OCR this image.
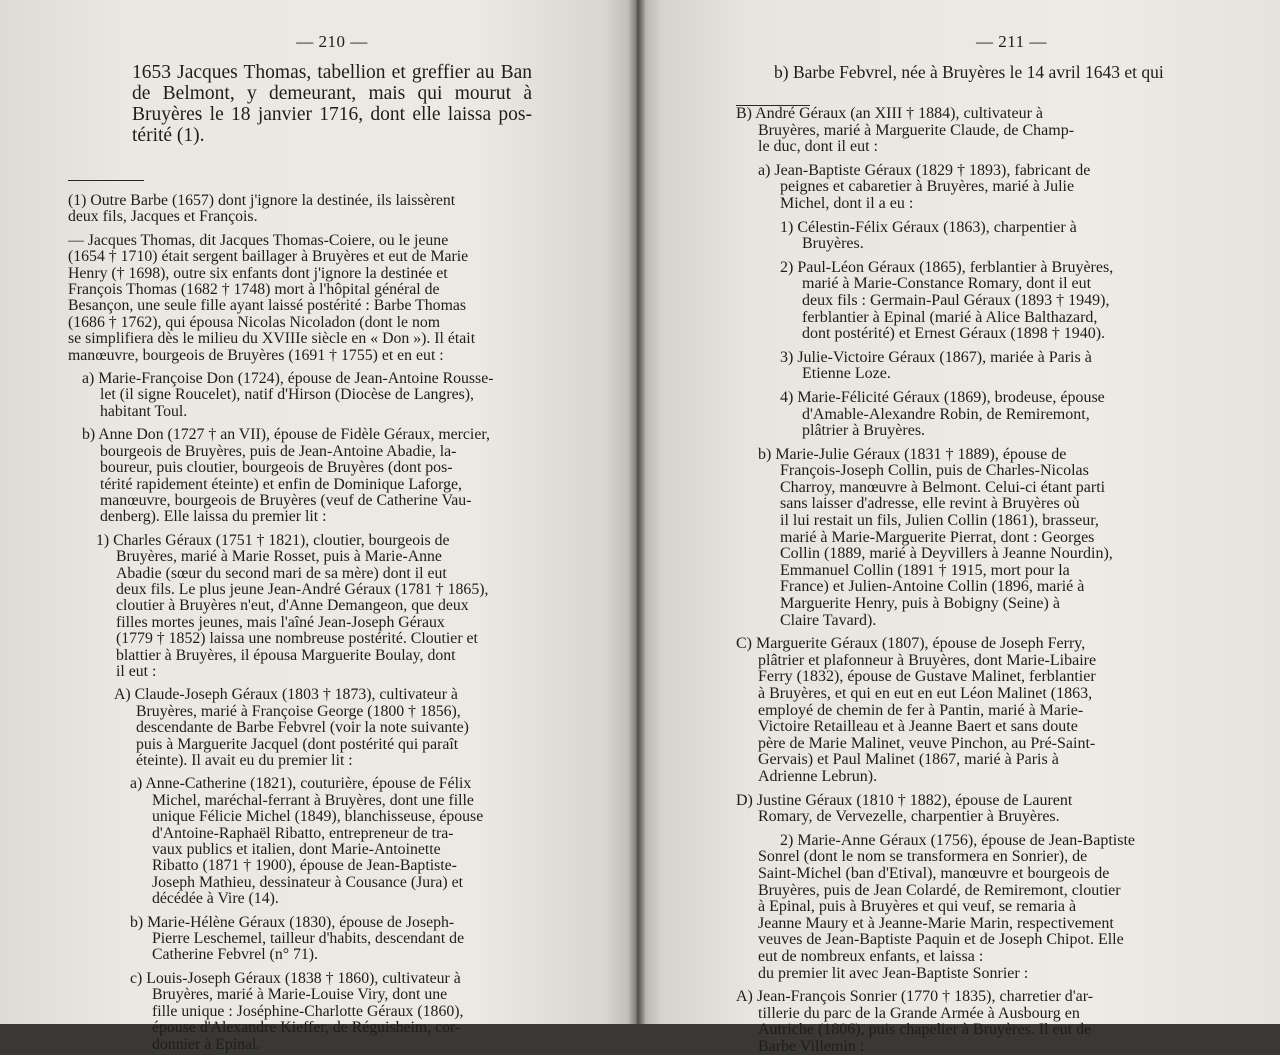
— 210 —
1653 Jacques Thomas, tabellion et greffier au Ban
de Belmont, y demeurant, mais qui mourut à
Bruyères le 18 janvier 1716, dont elle laissa pos-
térité (1).
(1) Outre Barbe (1657) dont j'ignore la destinée, ils laissèrent
deux fils, Jacques et François.
— Jacques Thomas, dit Jacques Thomas-Coiere, ou le jeune
(1654 † 1710) était sergent baillager à Bruyères et eut de Marie
Henry († 1698), outre six enfants dont j'ignore la destinée et
François Thomas (1682 † 1748) mort à l'hôpital général de
Besançon, une seule fille ayant laissé postérité : Barbe Thomas
(1686 † 1762), qui épousa Nicolas Nicoladon (dont le nom
se simplifiera dès le milieu du XVIIIe siècle en « Don »). Il était
manœuvre, bourgeois de Bruyères (1691 † 1755) et en eut :
a) Marie-Françoise Don (1724), épouse de Jean-Antoine Rousse-
let (il signe Roucelet), natif d'Hirson (Diocèse de Langres),
habitant Toul.
b) Anne Don (1727 † an VII), épouse de Fidèle Géraux, mercier,
bourgeois de Bruyères, puis de Jean-Antoine Abadie, la-
boureur, puis cloutier, bourgeois de Bruyères (dont pos-
térité rapidement éteinte) et enfin de Dominique Laforge,
manœuvre, bourgeois de Bruyères (veuf de Catherine Vau-
denberg). Elle laissa du premier lit :
1) Charles Géraux (1751 † 1821), cloutier, bourgeois de
Bruyères, marié à Marie Rosset, puis à Marie-Anne
Abadie (sœur du second mari de sa mère) dont il eut
deux fils. Le plus jeune Jean-André Géraux (1781 † 1865),
cloutier à Bruyères n'eut, d'Anne Demangeon, que deux
filles mortes jeunes, mais l'aîné Jean-Joseph Géraux
(1779 † 1852) laissa une nombreuse postérité. Cloutier et
blattier à Bruyères, il épousa Marguerite Boulay, dont
il eut :
A) Claude-Joseph Géraux (1803 † 1873), cultivateur à
Bruyères, marié à Françoise George (1800 † 1856),
descendante de Barbe Febvrel (voir la note suivante)
puis à Marguerite Jacquel (dont postérité qui paraît
éteinte). Il avait eu du premier lit :
a) Anne-Catherine (1821), couturière, épouse de Félix
Michel, maréchal-ferrant à Bruyères, dont une fille
unique Félicie Michel (1849), blanchisseuse, épouse
d'Antoine-Raphaël Ribatto, entrepreneur de tra-
vaux publics et italien, dont Marie-Antoinette
Ribatto (1871 † 1900), épouse de Jean-Baptiste-
Joseph Mathieu, dessinateur à Cousance (Jura) et
décédée à Vire (14).
b) Marie-Hélène Géraux (1830), épouse de Joseph-
Pierre Leschemel, tailleur d'habits, descendant de
Catherine Febvrel (n° 71).
c) Louis-Joseph Géraux (1838 † 1860), cultivateur à
Bruyères, marié à Marie-Louise Viry, dont une
fille unique : Joséphine-Charlotte Géraux (1860),
épouse d'Alexandre Kieffer, de Réguisheim, cor-
donnier à Epinal.
— 211 —
b) Barbe Febvrel, née à Bruyères le 14 avril 1643 et qui
B) André Géraux (an XIII † 1884), cultivateur à
Bruyères, marié à Marguerite Claude, de Champ-
le duc, dont il eut :
a) Jean-Baptiste Géraux (1829 † 1893), fabricant de
peignes et cabaretier à Bruyères, marié à Julie
Michel, dont il a eu :
1) Célestin-Félix Géraux (1863), charpentier à
Bruyères.
2) Paul-Léon Géraux (1865), ferblantier à Bruyères,
marié à Marie-Constance Romary, dont il eut
deux fils : Germain-Paul Géraux (1893 † 1949),
ferblantier à Epinal (marié à Alice Balthazard,
dont postérité) et Ernest Géraux (1898 † 1940).
3) Julie-Victoire Géraux (1867), mariée à Paris à
Etienne Loze.
4) Marie-Félicité Géraux (1869), brodeuse, épouse
d'Amable-Alexandre Robin, de Remiremont,
plâtrier à Bruyères.
b) Marie-Julie Géraux (1831 † 1889), épouse de
François-Joseph Collin, puis de Charles-Nicolas
Charroy, manœuvre à Belmont. Celui-ci étant parti
sans laisser d'adresse, elle revint à Bruyères où
il lui restait un fils, Julien Collin (1861), brasseur,
marié à Marie-Marguerite Pierrat, dont : Georges
Collin (1889, marié à Deyvillers à Jeanne Nourdin),
Emmanuel Collin (1891 † 1915, mort pour la
France) et Julien-Antoine Collin (1896, marié à
Marguerite Henry, puis à Bobigny (Seine) à
Claire Tavard).
C) Marguerite Géraux (1807), épouse de Joseph Ferry,
plâtrier et plafonneur à Bruyères, dont Marie-Libaire
Ferry (1832), épouse de Gustave Malinet, ferblantier
à Bruyères, et qui en eut en eut Léon Malinet (1863,
employé de chemin de fer à Pantin, marié à Marie-
Victoire Retailleau et à Jeanne Baert et sans doute
père de Marie Malinet, veuve Pinchon, au Pré-Saint-
Gervais) et Paul Malinet (1867, marié à Paris à
Adrienne Lebrun).
D) Justine Géraux (1810 † 1882), épouse de Laurent
Romary, de Vervezelle, charpentier à Bruyères.
2) Marie-Anne Géraux (1756), épouse de Jean-Baptiste
Sonrel (dont le nom se transformera en Sonrier), de
Saint-Michel (ban d'Etival), manœuvre et bourgeois de
Bruyères, puis de Jean Colardé, de Remiremont, cloutier
à Epinal, puis à Bruyères et qui veuf, se remaria à
Jeanne Maury et à Jeanne-Marie Marin, respectivement
veuves de Jean-Baptiste Paquin et de Joseph Chipot. Elle
eut de nombreux enfants, et laissa :
du premier lit avec Jean-Baptiste Sonrier :
A) Jean-François Sonrier (1770 † 1835), charretier d'ar-
tillerie du parc de la Grande Armée à Ausbourg en
Autriche (1806), puis chapelier à Bruyères. Il eut de
Barbe Villemin :
